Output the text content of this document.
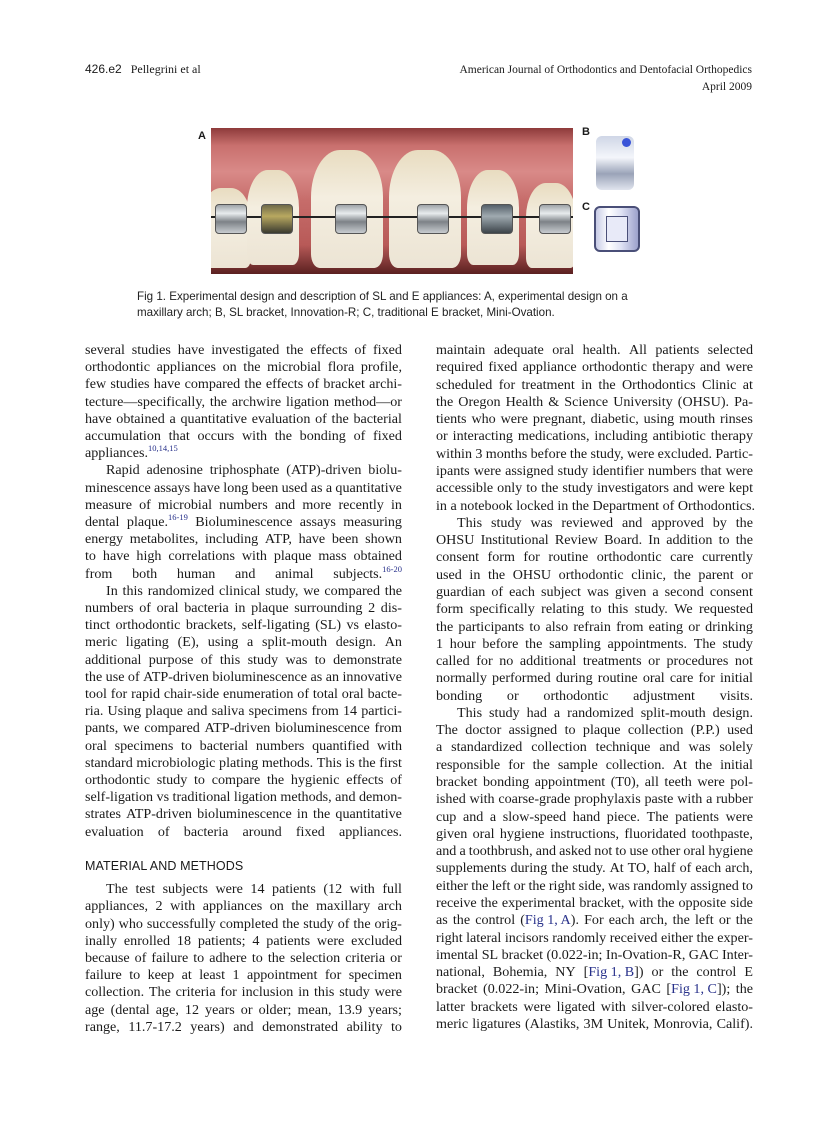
426.e2 Pellegrini et al	American Journal of Orthodontics and Dentofacial Orthopedics
April 2009
A	B
C
Fig 1. Experimental design and description of SL and E appliances: A, experimental design on a
maxillary arch; B, SL bracket, Innovation-R; C, traditional E bracket, Mini-Ovation.
several studies have investigated the effects of fixed
orthodontic appliances on the microbial flora profile,
few studies have compared the effects of bracket archi-
tecture—specifically, the archwire ligation method—or
have obtained a quantitative evaluation of the bacterial
accumulation that occurs with the bonding of fixed
appliances.$^{10,14,15}$
Rapid adenosine triphosphate (ATP)-driven biolu-
minescence assays have long been used as a quantitative
measure of microbial numbers and more recently in
dental plaque.$^{16-19}$ Bioluminescence assays measuring
energy metabolites, including ATP, have been shown
to have high correlations with plaque mass obtained
from both human and animal subjects.$^{16-20}$
In this randomized clinical study, we compared the
numbers of oral bacteria in plaque surrounding 2 dis-
tinct orthodontic brackets, self-ligating (SL) vs elasto-
meric ligating (E), using a split-mouth design. An
additional purpose of this study was to demonstrate
the use of ATP-driven bioluminescence as an innovative
tool for rapid chair-side enumeration of total oral bacte-
ria. Using plaque and saliva specimens from 14 partici-
pants, we compared ATP-driven bioluminescence from
oral specimens to bacterial numbers quantified with
standard microbiologic plating methods. This is the first
orthodontic study to compare the hygienic effects of
self-ligation vs traditional ligation methods, and demon-
strates ATP-driven bioluminescence in the quantitative
evaluation of bacteria around fixed appliances.
MATERIAL AND METHODS
The test subjects were 14 patients (12 with full
appliances, 2 with appliances on the maxillary arch
only) who successfully completed the study of the orig-
inally enrolled 18 patients; 4 patients were excluded
because of failure to adhere to the selection criteria or
failure to keep at least 1 appointment for specimen
collection. The criteria for inclusion in this study were
age (dental age, 12 years or older; mean, 13.9 years;
range, 11.7-17.2 years) and demonstrated ability to
maintain adequate oral health. All patients selected
required fixed appliance orthodontic therapy and were
scheduled for treatment in the Orthodontics Clinic at
the Oregon Health & Science University (OHSU). Pa-
tients who were pregnant, diabetic, using mouth rinses
or interacting medications, including antibiotic therapy
within 3 months before the study, were excluded. Partic-
ipants were assigned study identifier numbers that were
accessible only to the study investigators and were kept
in a notebook locked in the Department of Orthodontics.
This study was reviewed and approved by the
OHSU Institutional Review Board. In addition to the
consent form for routine orthodontic care currently
used in the OHSU orthodontic clinic, the parent or
guardian of each subject was given a second consent
form specifically relating to this study. We requested
the participants to also refrain from eating or drinking
1 hour before the sampling appointments. The study
called for no additional treatments or procedures not
normally performed during routine oral care for initial
bonding or orthodontic adjustment visits.
This study had a randomized split-mouth design.
The doctor assigned to plaque collection (P.P.) used
a standardized collection technique and was solely
responsible for the sample collection. At the initial
bracket bonding appointment (T0), all teeth were pol-
ished with coarse-grade prophylaxis paste with a rubber
cup and a slow-speed hand piece. The patients were
given oral hygiene instructions, fluoridated toothpaste,
and a toothbrush, and asked not to use other oral hygiene
supplements during the study. At TO, half of each arch,
either the left or the right side, was randomly assigned to
receive the experimental bracket, with the opposite side
as the control (Fig 1, A). For each arch, the left or the
right lateral incisors randomly received either the exper-
imental SL bracket (0.022-in; In-Ovation-R, GAC Inter-
national, Bohemia, NY [Fig 1, B]) or the control E
bracket (0.022-in; Mini-Ovation, GAC [Fig 1, C]); the
latter brackets were ligated with silver-colored elasto-
meric ligatures (Alastiks, 3M Unitek, Monrovia, Calif).
